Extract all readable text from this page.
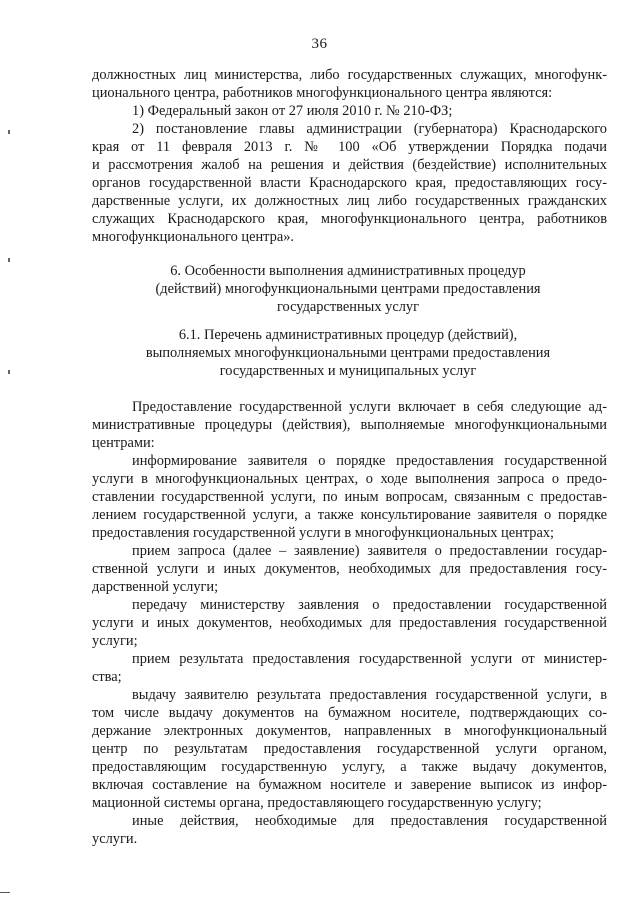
36
должностных лиц министерства, либо государственных служащих, многофунк-
ционального центра, работников многофункционального центра являются:
1) Федеральный закон от 27 июля 2010 г. № 210-ФЗ;
2) постановление главы администрации (губернатора) Краснодарского
края от 11 февраля 2013 г. № 100 «Об утверждении Порядка подачи
и рассмотрения жалоб на решения и действия (бездействие) исполнительных
органов государственной власти Краснодарского края, предоставляющих госу-
дарственные услуги, их должностных лиц либо государственных гражданских
служащих Краснодарского края, многофункционального центра, работников
многофункционального центра».
6. Особенности выполнения административных процедур
(действий) многофункциональными центрами предоставления
государственных услуг
6.1. Перечень административных процедур (действий),
выполняемых многофункциональными центрами предоставления
государственных и муниципальных услуг
Предоставление государственной услуги включает в себя следующие ад-
министративные процедуры (действия), выполняемые многофункциональными
центрами:
информирование заявителя о порядке предоставления государственной
услуги в многофункциональных центрах, о ходе выполнения запроса о предо-
ставлении государственной услуги, по иным вопросам, связанным с предостав-
лением государственной услуги, а также консультирование заявителя о порядке
предоставления государственной услуги в многофункциональных центрах;
прием запроса (далее – заявление) заявителя о предоставлении государ-
ственной услуги и иных документов, необходимых для предоставления госу-
дарственной услуги;
передачу министерству заявления о предоставлении государственной
услуги и иных документов, необходимых для предоставления государственной
услуги;
прием результата предоставления государственной услуги от министер-
ства;
выдачу заявителю результата предоставления государственной услуги, в
том числе выдачу документов на бумажном носителе, подтверждающих со-
держание электронных документов, направленных в многофункциональный
центр по результатам предоставления государственной услуги органом,
предоставляющим государственную услугу, а также выдачу документов,
включая составление на бумажном носителе и заверение выписок из инфор-
мационной системы органа, предоставляющего государственную услугу;
иные действия, необходимые для предоставления государственной
услуги.
